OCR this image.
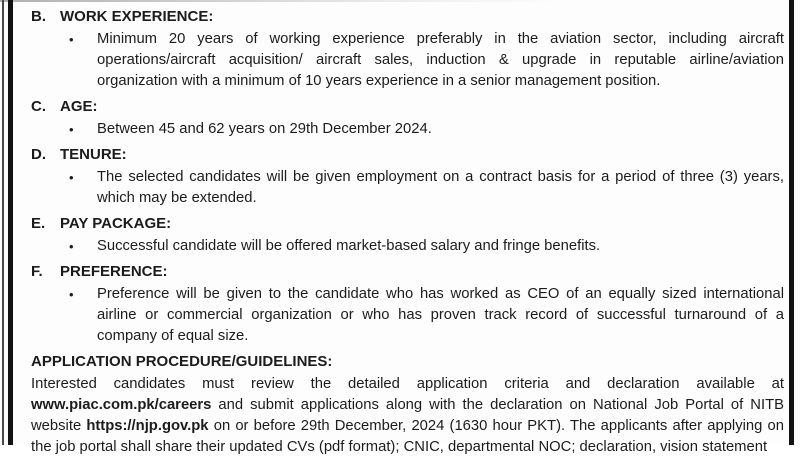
B. WORK EXPERIENCE:
•	Minimum 20 years of working experience preferably in the aviation sector, including aircraft operations/aircraft acquisition/ aircraft sales, induction & upgrade in reputable airline/aviation organization with a minimum of 10 years experience in a senior management position.

C. AGE:
•	Between 45 and 62 years on 29th December 2024.

D. TENURE:
•	The selected candidates will be given employment on a contract basis for a period of three (3) years, which may be extended.

E. PAY PACKAGE:
•	Successful candidate will be offered market-based salary and fringe benefits.

F.	PREFERENCE:
•	Preference will be given to the candidate who has worked as CEO of an equally sized international airline or commercial organization or who has proven track record of successful turnaround of a company of equal size.

APPLICATION PROCEDURE/GUIDELINES:

Interested candidates must review the detailed application criteria and declaration available at www.piac.com.pk/careers and submit applications along with the declaration on National Job Portal of NITB website https://njp.gov.pk on or before 29th December, 2024 (1630 hour PKT). The applicants after applying on the job portal shall share their updated CVs (pdf format); CNIC, departmental NOC; declaration, vision statement
